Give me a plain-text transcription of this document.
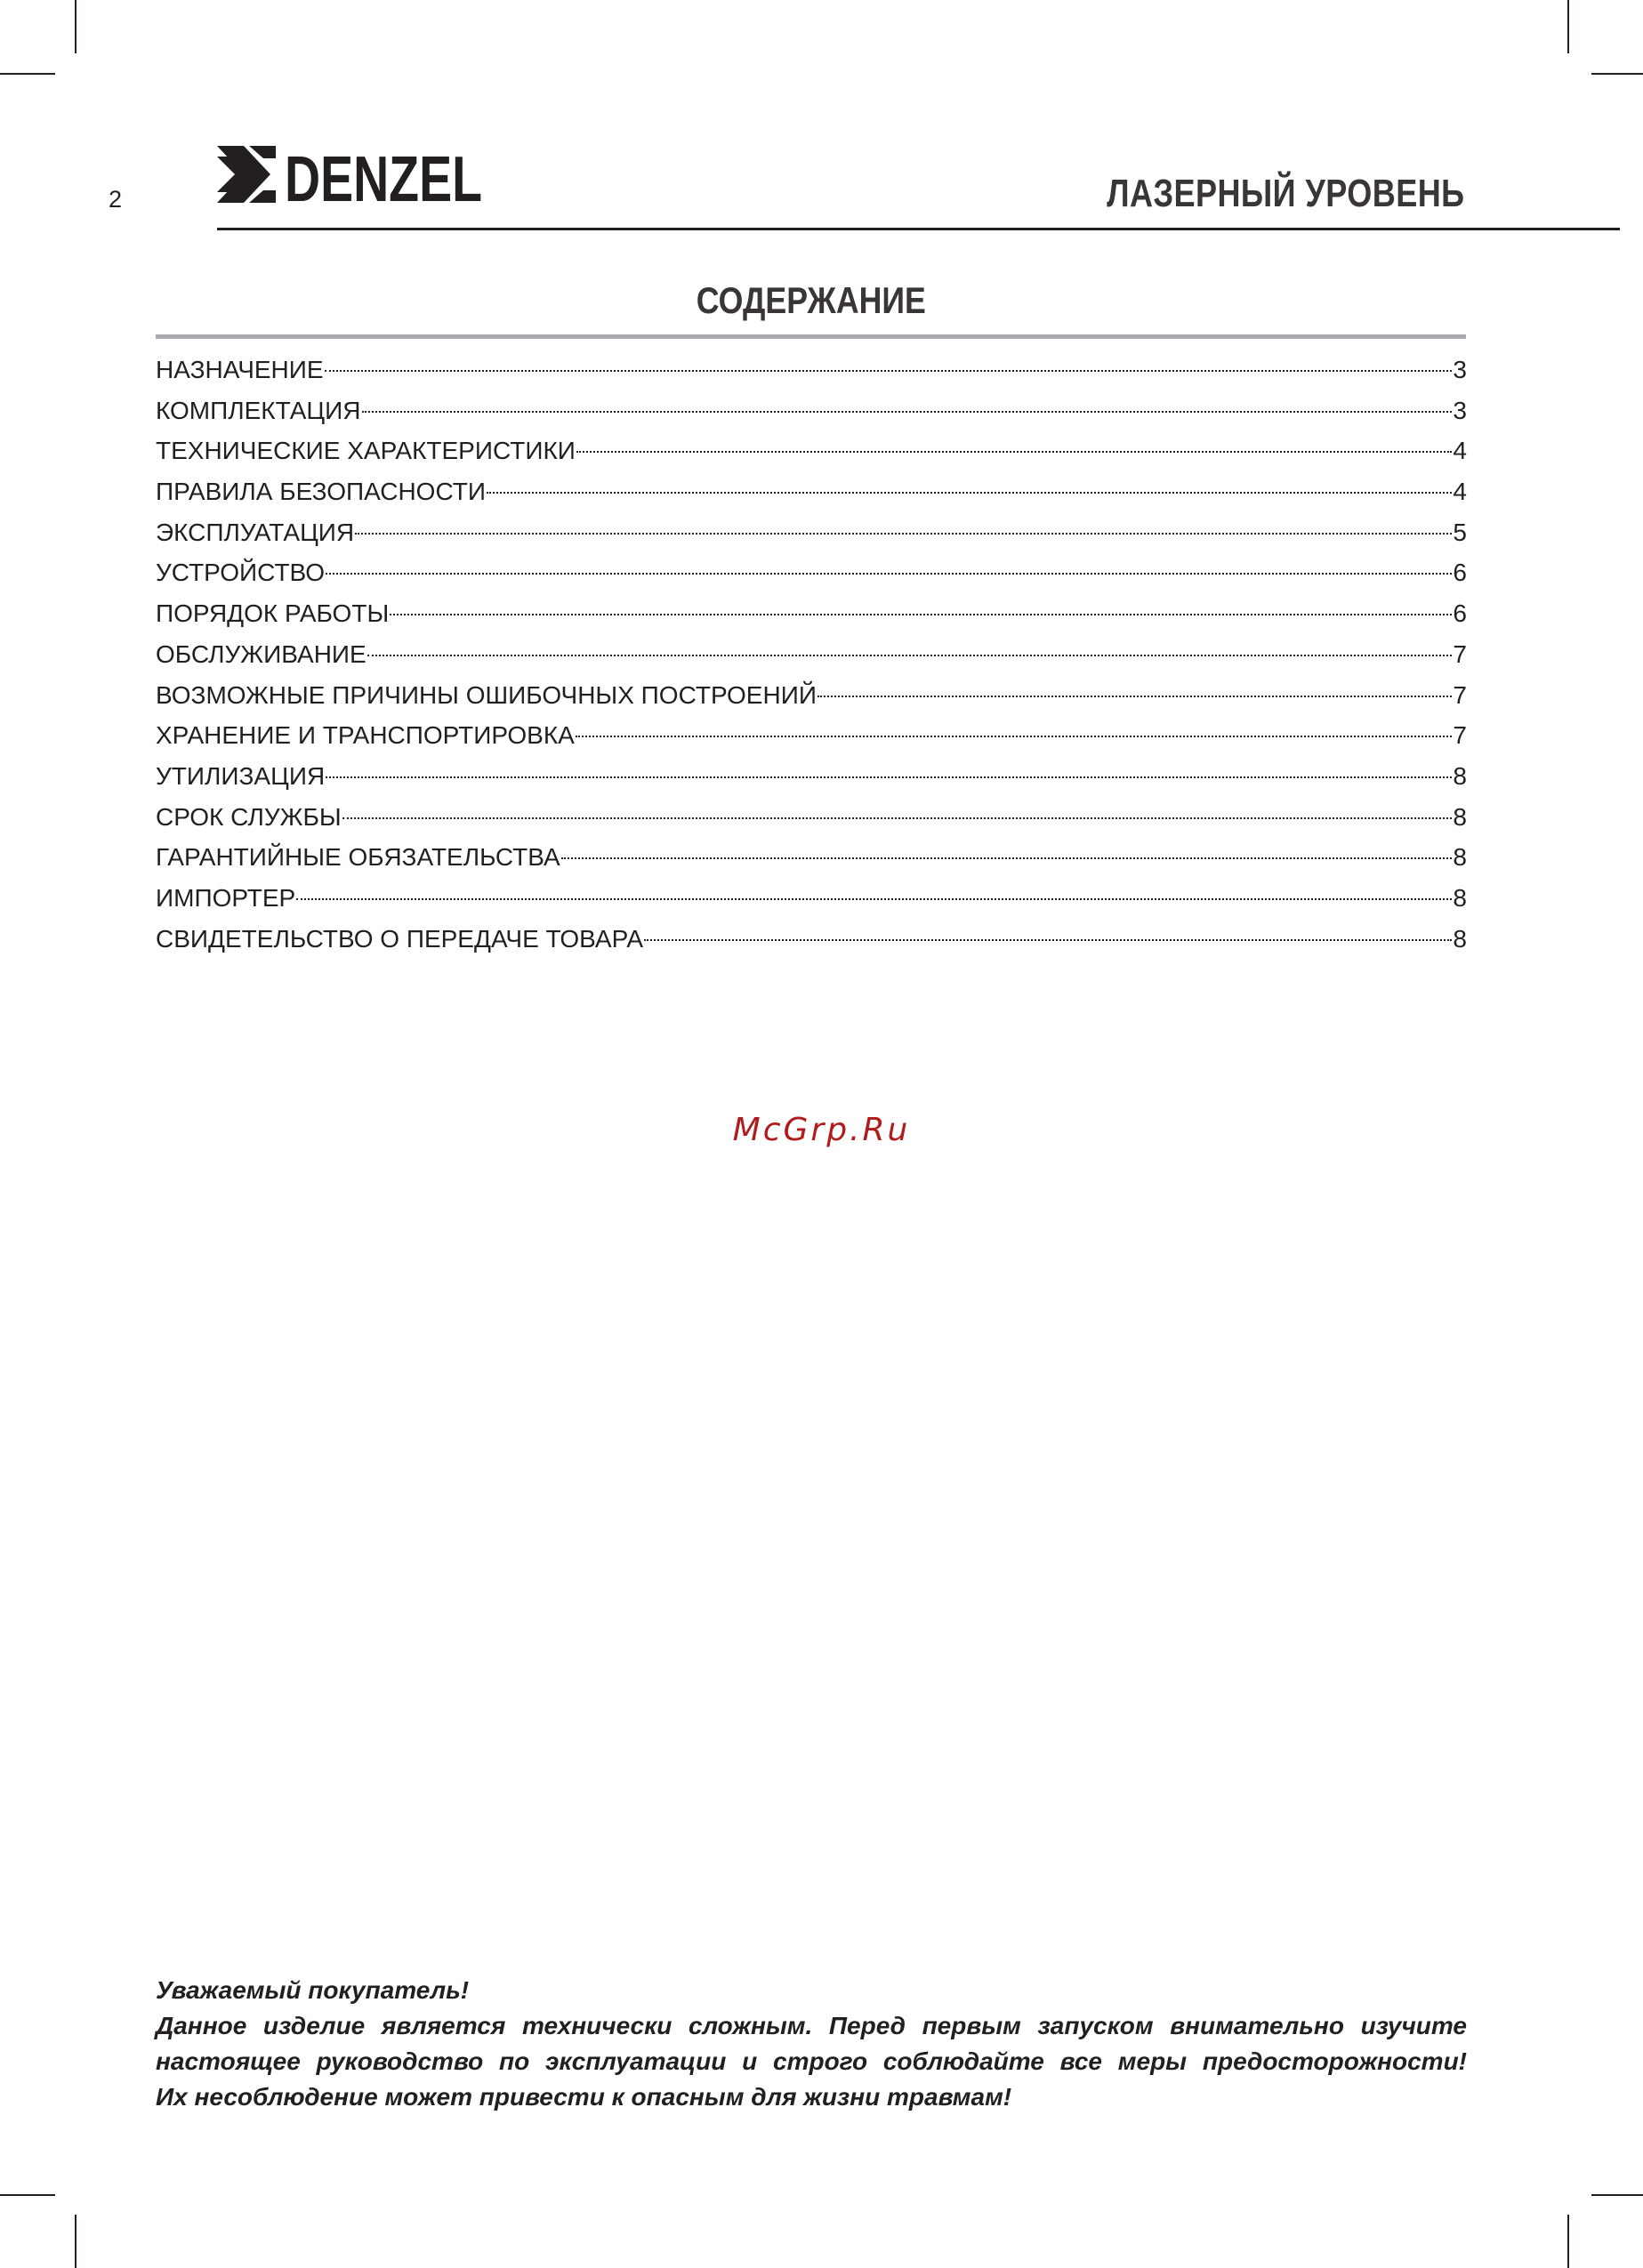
2	DENZEL	ЛАЗЕРНЫЙ УРОВЕНЬ
СОДЕРЖАНИЕ
НАЗНАЧЕНИЕ	3
КОМПЛЕКТАЦИЯ	3
ТЕХНИЧЕСКИЕ ХАРАКТЕРИСТИКИ	4
ПРАВИЛА БЕЗОПАСНОСТИ	4
ЭКСПЛУАТАЦИЯ	5
УСТРОЙСТВО	6
ПОРЯДОК РАБОТЫ	6
ОБСЛУЖИВАНИЕ	7
ВОЗМОЖНЫЕ ПРИЧИНЫ ОШИБОЧНЫХ ПОСТРОЕНИЙ	7
ХРАНЕНИЕ И ТРАНСПОРТИРОВКА	7
УТИЛИЗАЦИЯ	8
СРОК СЛУЖБЫ	8
ГАРАНТИЙНЫЕ ОБЯЗАТЕЛЬСТВА	8
ИМПОРТЕР	8
СВИДЕТЕЛЬСТВО О ПЕРЕДАЧЕ ТОВАРА	8
McGrp.Ru

Уважаемый покупатель!

Данное изделие является технически сложным. Перед первым запуском внимательно изучите

настоящее руководство по эксплуатации и строго соблюдайте все меры предосторожности!

Их несоблюдение может привести к опасным для жизни травмам!
